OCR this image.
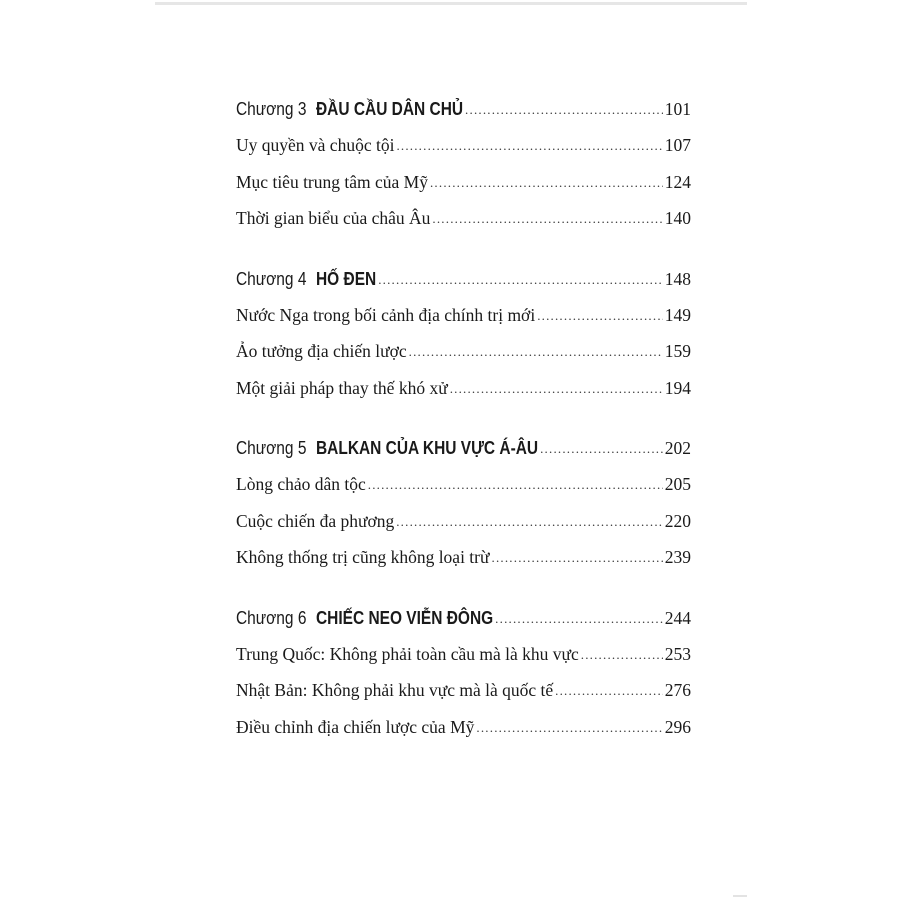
Chương 3 ĐẦU CẦU DÂN CHỦ .....	101
Uy quyền và chuộc tội .....	107
Mục tiêu trung tâm của Mỹ .....	124
Thời gian biểu của châu Âu .....	140
Chương 4 HỐ ĐEN .....	148
Nước Nga trong bối cảnh địa chính trị mới .....	149
Ảo tưởng địa chiến lược .....	159
Một giải pháp thay thế khó xử .....	194
Chương 5 BALKAN CỦA KHU VỰC Á-ÂU .....	202
Lòng chảo dân tộc .....	205
Cuộc chiến đa phương .....	220
Không thống trị cũng không loại trừ .....	239
Chương 6 CHIẾC NEO VIỄN ĐÔNG .....	244
Trung Quốc: Không phải toàn cầu mà là khu vực .....	253
Nhật Bản: Không phải khu vực mà là quốc tế .....	276
Điều chỉnh địa chiến lược của Mỹ .....	296
